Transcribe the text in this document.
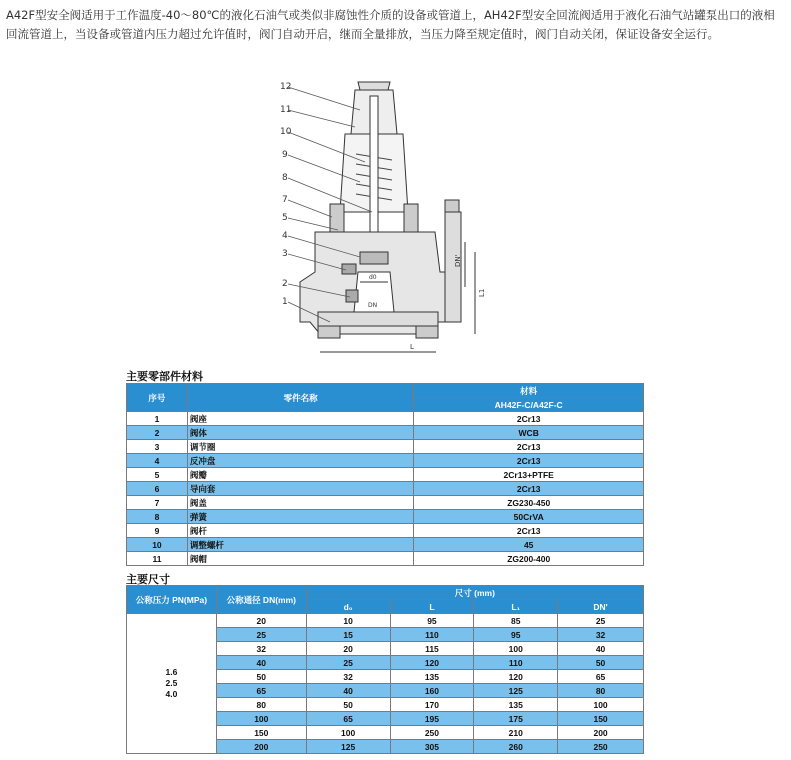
A42F型安全阀适用于工作温度-40～80℃的液化石油气或类似非腐蚀性介质的设备或管道上，AH42F型安全回流阀适用于液化石油气站罐泵出口的液相回流管道上，当设备或管道内压力超过允许值时，阀门自动开启，继而全量排放，当压力降至规定值时，阀门自动关闭，保证设备安全运行。
12
11
10
9
8
7
5
4
3
2
1
DN'
L1
L
d0
DN
主要零部件材料
序号	零件名称	材料
		AH42F-C/A42F-C
1	阀座	2Cr13
2	阀体	WCB
3	调节圈	2Cr13
4	反冲盘	2Cr13
5	阀瓣	2Cr13+PTFE
6	导向套	2Cr13
7	阀盖	ZG230-450
8	弹簧	50CrVA
9	阀杆	2Cr13
10	调整螺杆	45
11	阀帽	ZG200-400
主要尺寸
公称压力 PN(MPa)	公称通径 DN(mm)	尺寸 (mm)			
		d₀	L	L₁	DN'

1.6
2.5
4.0	20	10	95	85	25
	25	15	110	95	32
	32	20	115	100	40
	40	25	120	110	50
	50	32	135	120	65
	65	40	160	125	80
	80	50	170	135	100
	100	65	195	175	150
	150	100	250	210	200
	200	125	305	260	250
